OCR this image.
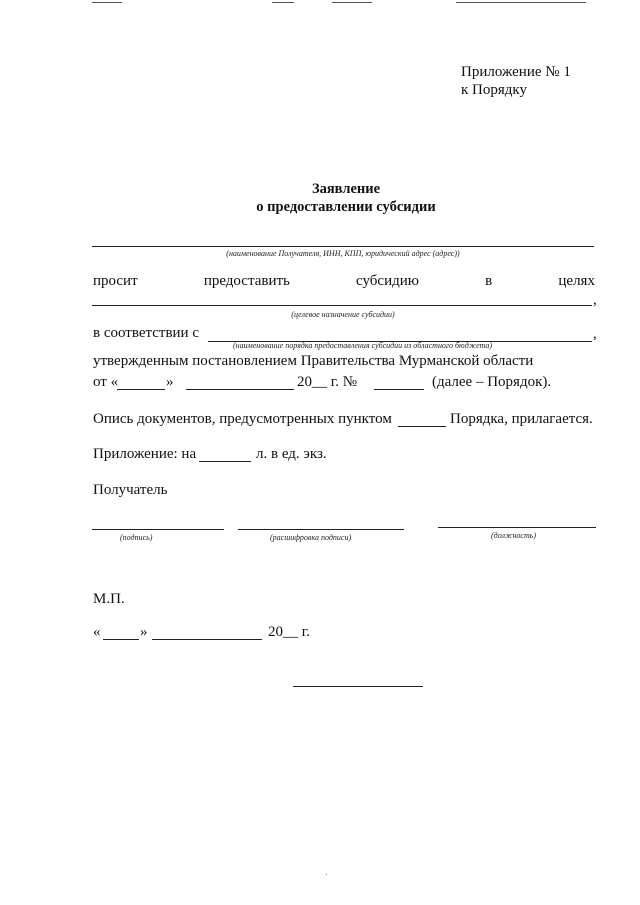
Приложение № 1
к Порядку
Заявление
о предоставлении субсидии
(наименование Получателя, ИНН, КПП, юридический адрес (адрес))
просит	предоставить	субсидию	в	целях
,
(целевое назначение субсидии)
в соответствии с	,
(наименование порядка предоставления субсидии из областного бюджета)
утвержденным постановлением Правительства Мурманской области
от «	»	20__ г. №	(далее – Порядок).
Опись документов, предусмотренных пунктом	Порядка, прилагается.
Приложение: на	л. в ед. экз.
Получатель
(подпись)	(расшифровка подписи)	(должность)
М.П.
«	»	20__ г.
